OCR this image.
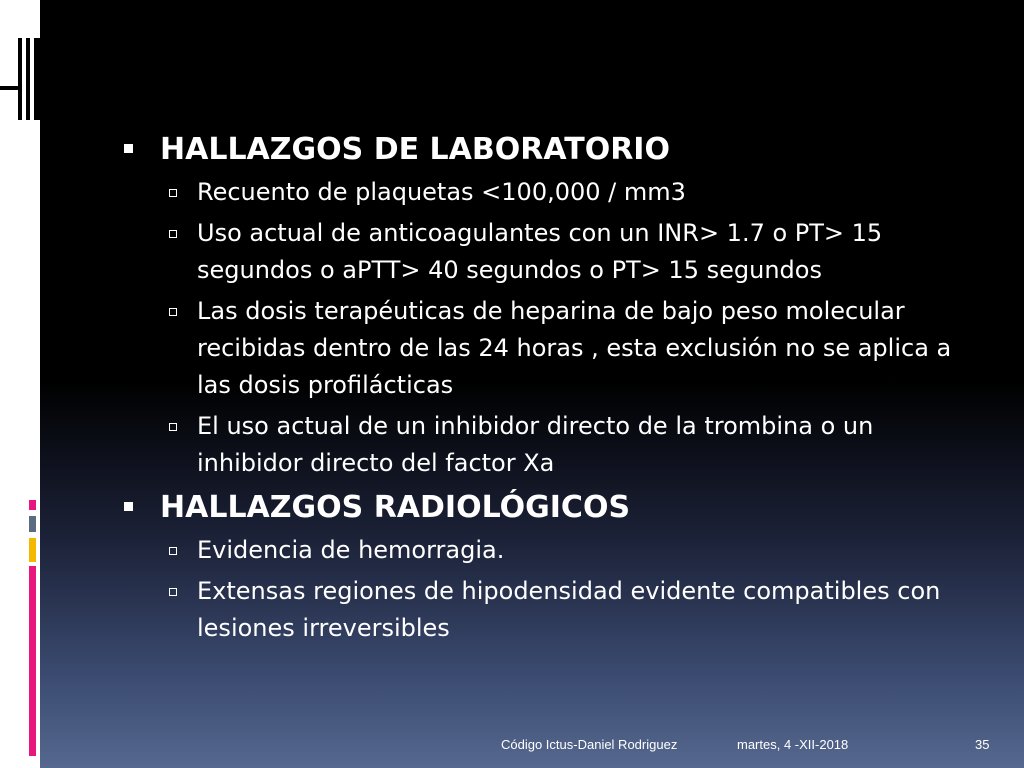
HALLAZGOS DE LABORATORIO
Recuento de plaquetas <100,000 / mm3
Uso actual de anticoagulantes con un INR> 1.7 o PT> 15 segundos o aPTT> 40 segundos o PT> 15 segundos
Las dosis terapéuticas de heparina de bajo peso molecular recibidas dentro de las 24 horas , esta exclusión no se aplica a las dosis profilácticas
El uso actual de un inhibidor directo de la trombina o un inhibidor directo del factor Xa
HALLAZGOS RADIOLÓGICOS
Evidencia de hemorragia.
Extensas regiones de hipodensidad evidente compatibles con lesiones irreversibles
Código Ictus-Daniel Rodriguez	martes, 4 -XII-2018	35
